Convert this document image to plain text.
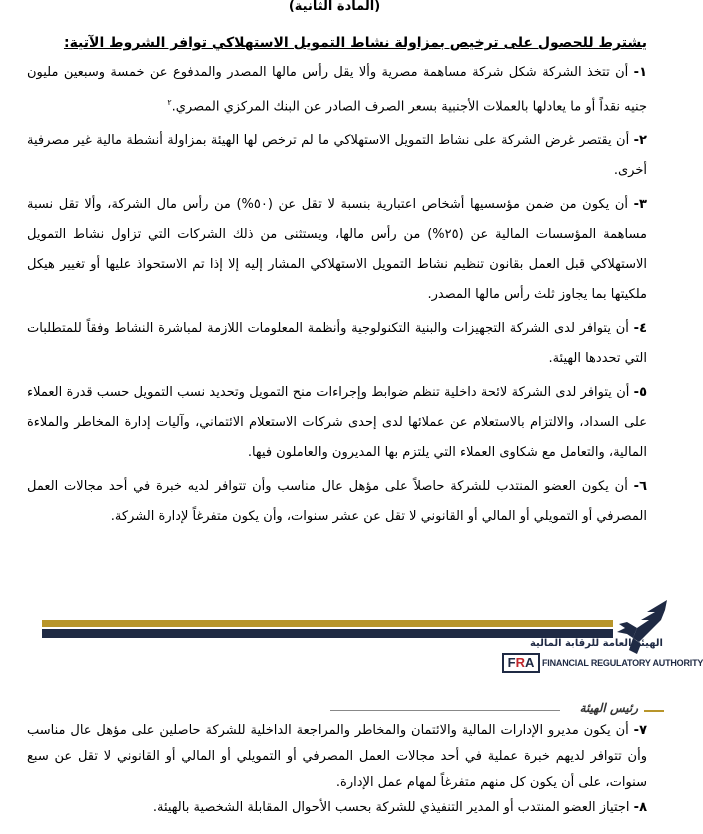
(المادة الثانية)
يشترط للحصول على ترخيص بمزاولة نشاط التمويل الاستهلاكي توافر الشروط الآتية:
١- أن تتخذ الشركة شكل شركة مساهمة مصرية وألا يقل رأس مالها المصدر والمدفوع عن خمسة وسبعين مليون جنيه نقداً أو ما يعادلها بالعملات الأجنبية بسعر الصرف الصادر عن البنك المركزي المصري.$^٢$
٢- أن يقتصر غرض الشركة على نشاط التمويل الاستهلاكي ما لم ترخص لها الهيئة بمزاولة أنشطة مالية غير مصرفية أخرى.
٣- أن يكون من ضمن مؤسسيها أشخاص اعتبارية بنسبة لا تقل عن (٥٠%) من رأس مال الشركة، وألا تقل نسبة مساهمة المؤسسات المالية عن (٢٥%) من رأس مالها، ويستثنى من ذلك الشركات التي تزاول نشاط التمويل الاستهلاكي قبل العمل بقانون تنظيم نشاط التمويل الاستهلاكي المشار إليه إلا إذا تم الاستحواذ عليها أو تغيير هيكل ملكيتها بما يجاوز ثلث رأس مالها المصدر.
٤- أن يتوافر لدى الشركة التجهيزات والبنية التكنولوجية وأنظمة المعلومات اللازمة لمباشرة النشاط وفقاً للمتطلبات التي تحددها الهيئة.
٥- أن يتوافر لدى الشركة لائحة داخلية تنظم ضوابط وإجراءات منح التمويل وتحديد نسب التمويل حسب قدرة العملاء على السداد، والالتزام بالاستعلام عن عملائها لدى إحدى شركات الاستعلام الائتماني، وآليات إدارة المخاطر والملاءة المالية، والتعامل مع شكاوى العملاء التي يلتزم بها المديرون والعاملون فيها.
٦- أن يكون العضو المنتدب للشركة حاصلاً على مؤهل عال مناسب وأن تتوافر لديه خبرة في أحد مجالات العمل المصرفي أو التمويلي أو المالي أو القانوني لا تقل عن عشر سنوات، وأن يكون متفرغاً لإدارة الشركة.
الهيئة العامة للرقابة المالية
FRA FINANCIAL REGULATORY AUTHORITY
رئيس الهيئة
٧- أن يكون مديرو الإدارات المالية والائتمان والمخاطر والمراجعة الداخلية للشركة حاصلين على مؤهل عال مناسب وأن تتوافر لديهم خبرة عملية في أحد مجالات العمل المصرفي أو التمويلي أو المالي أو القانوني لا تقل عن سبع سنوات، على أن يكون كل منهم متفرغاً لمهام عمل الإدارة.
٨- اجتياز العضو المنتدب أو المدير التنفيذي للشركة بحسب الأحوال المقابلة الشخصية بالهيئة.
